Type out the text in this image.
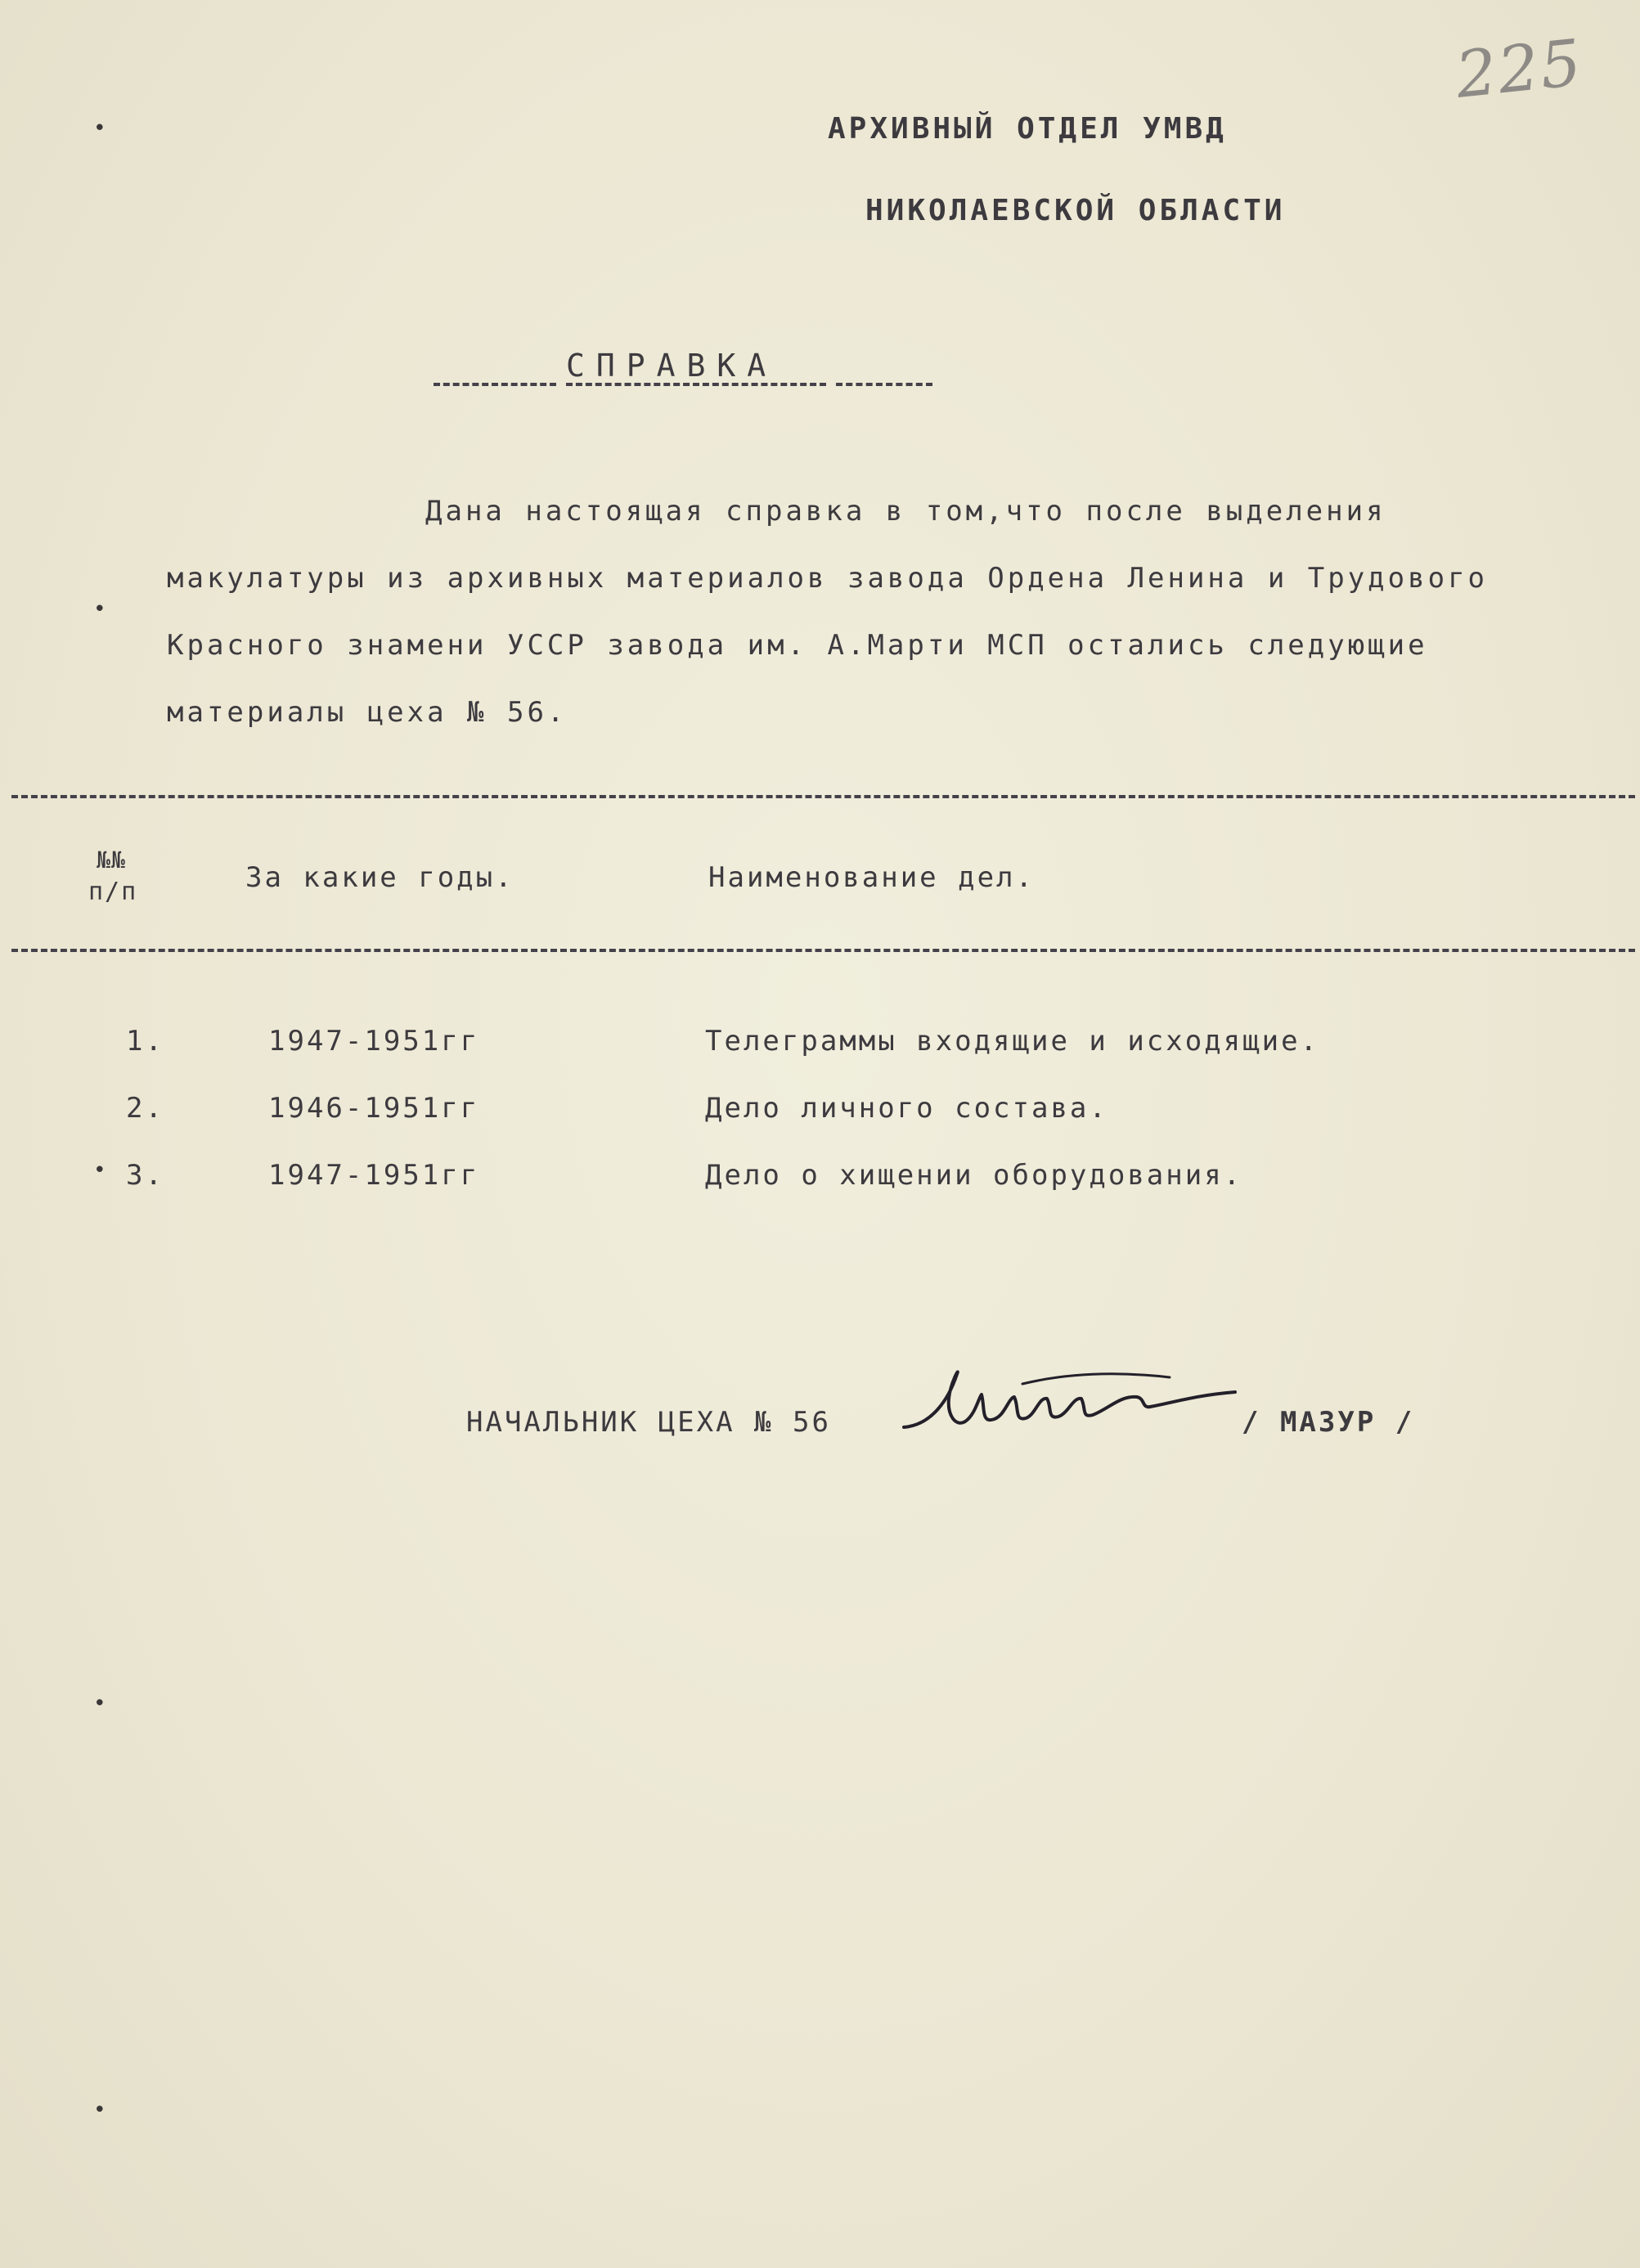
225
АРХИВНЫЙ ОТДЕЛ УМВД
НИКОЛАЕВСКОЙ ОБЛАСТИ
СПРАВКА
Дана настоящая справка в том,что после выделения
макулатуры из архивных материалов завода Ордена Ленина и Трудового
Красного знамени УССР завода им. А.Марти МСП остались следующие
материалы цеха № 56.
№№
п/п	За какие годы.	Наименование дел.
1.	1947-1951гг	Телеграммы входящие и исходящие.
2.	1946-1951гг	Дело личного состава.
3.	1947-1951гг	Дело о хищении оборудования.
НАЧАЛЬНИК ЦЕХА № 56	/ МАЗУР /
•
•
•
•
•
